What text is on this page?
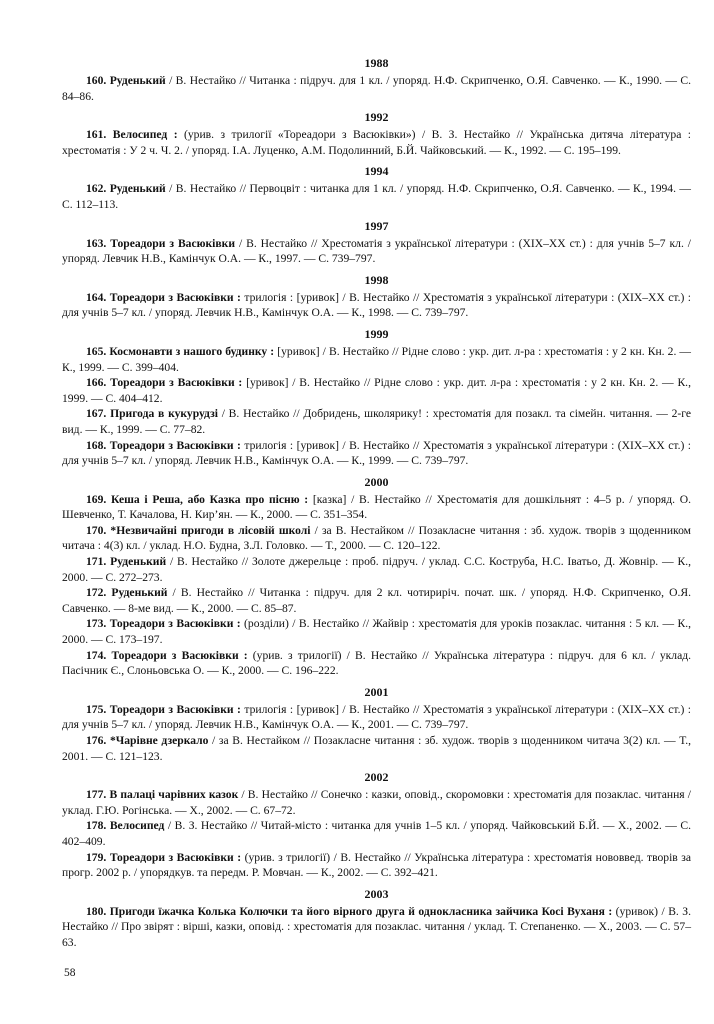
1988

160. Руденький / В. Нестайко // Читанка : підруч. для 1 кл. / упоряд. Н.Ф. Скрипченко, О.Я. Савченко. — К., 1990. — С. 84–86.

1992

161. Велосипед : (урив. з трилогії «Тореадори з Васюківки») / В. З. Нестайко // Українська дитяча література : хрестоматія : У 2 ч. Ч. 2. / упоряд. І.А. Луценко, А.М. Подолинний, Б.Й. Чайковський. — К., 1992. — С. 195–199.

1994

162. Руденький / В. Нестайко // Первоцвіт : читанка для 1 кл. / упоряд. Н.Ф. Скрипченко, О.Я. Савченко. — К., 1994. — С. 112–113.

1997

163. Тореадори з Васюківки / В. Нестайко // Хрестоматія з української літератури : (XIX–XX ст.) : для учнів 5–7 кл. / упоряд. Левчик Н.В., Камінчук О.А. — К., 1997. — С. 739–797.

1998

164. Тореадори з Васюківки : трилогія : [уривок] / В. Нестайко // Хрестоматія з української літератури : (XIX–XX ст.) : для учнів 5–7 кл. / упоряд. Левчик Н.В., Камінчук О.А. — К., 1998. — С. 739–797.

1999

165. Космонавти з нашого будинку : [уривок] / В. Нестайко // Рідне слово : укр. дит. л-ра : хрестоматія : у 2 кн. Кн. 2. — К., 1999. — С. 399–404.

166. Тореадори з Васюківки : [уривок] / В. Нестайко // Рідне слово : укр. дит. л-ра : хрестоматія : у 2 кн. Кн. 2. — К., 1999. — С. 404–412.

167. Пригода в кукурудзі / В. Нестайко // Добридень, школярику! : хрестоматія для позакл. та сімейн. читання. — 2-ге вид. — К., 1999. — С. 77–82.

168. Тореадори з Васюківки : трилогія : [уривок] / В. Нестайко // Хрестоматія з української літератури : (XIX–XX ст.) : для учнів 5–7 кл. / упоряд. Левчик Н.В., Камінчук О.А. — К., 1999. — С. 739–797.

2000

169. Кеша і Реша, або Казка про пісню : [казка] / В. Нестайко // Хрестоматія для дошкільнят : 4–5 р. / упоряд. О. Шевченко, Т. Качалова, Н. Кир’ян. — К., 2000. — С. 351–354.

170. *Незвичайні пригоди в лісовій школі / за В. Нестайком // Позакласне читання : зб. худож. творів з щоденником читача : 4(3) кл. / уклад. Н.О. Будна, З.Л. Головко. — Т., 2000. — С. 120–122.

171. Руденький / В. Нестайко // Золоте джерельце : проб. підруч. / уклад. С.С. Коструба, Н.С. Іватьо, Д. Жовнір. — К., 2000. — С. 272–273.

172. Руденький / В. Нестайко // Читанка : підруч. для 2 кл. чотириріч. почат. шк. / упоряд. Н.Ф. Скрипченко, О.Я. Савченко. — 8-ме вид. — К., 2000. — С. 85–87.

173. Тореадори з Васюківки : (розділи) / В. Нестайко // Жайвір : хрестоматія для уроків позаклас. читання : 5 кл. — К., 2000. — С. 173–197.

174. Тореадори з Васюківки : (урив. з трилогії) / В. Нестайко // Українська література : підруч. для 6 кл. / уклад. Пасічник Є., Слоньовська О. — К., 2000. — С. 196–222.

2001

175. Тореадори з Васюківки : трилогія : [уривок] / В. Нестайко // Хрестоматія з української літератури : (XIX–XX ст.) : для учнів 5–7 кл. / упоряд. Левчик Н.В., Камінчук О.А. — К., 2001. — С. 739–797.

176. *Чарівне дзеркало / за В. Нестайком // Позакласне читання : зб. худож. творів з щоденником читача 3(2) кл. — Т., 2001. — С. 121–123.

2002

177. В палаці чарівних казок / В. Нестайко // Сонечко : казки, оповід., скоромовки : хрестоматія для позаклас. читання / уклад. Г.Ю. Рогінська. — Х., 2002. — С. 67–72.

178. Велосипед / В. З. Нестайко // Читай-місто : читанка для учнів 1–5 кл. / упоряд. Чайковський Б.Й. — Х., 2002. — С. 402–409.

179. Тореадори з Васюківки : (урив. з трилогії) / В. Нестайко // Українська література : хрестоматія нововвед. творів за прогр. 2002 р. / упорядкув. та передм. Р. Мовчан. — К., 2002. — С. 392–421.

2003

180. Пригоди їжачка Колька Колючки та його вірного друга й однокласника зайчика Косі Вуханя : (уривок) / В. З. Нестайко // Про звірят : вірші, казки, оповід. : хрестоматія для позаклас. читання / уклад. Т. Степаненко. — Х., 2003. — С. 57–63.

58
